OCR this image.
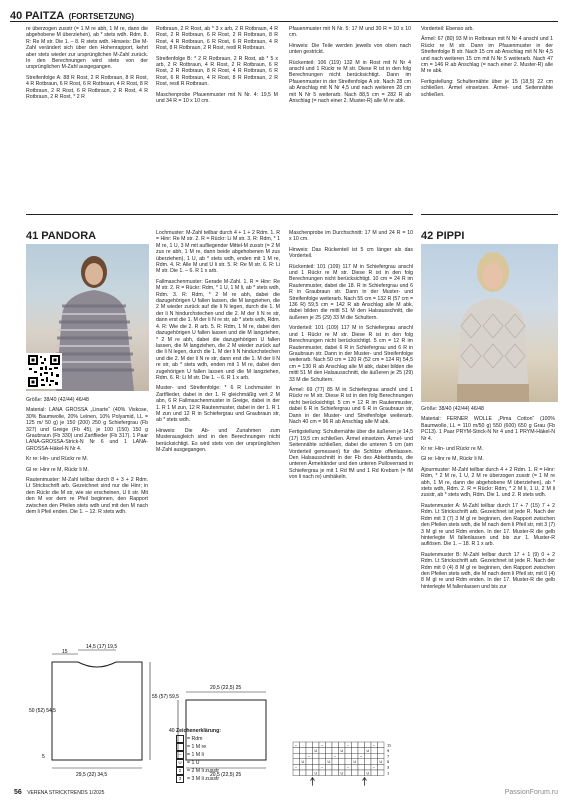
40 PAITZA (FORTSETZUNG)

re überzogen zusstr (= 1 M re abh, 1 M re, dann die abgehobene M überziehen), ab * stets wdh. Rdm. 8. R: Re M str. Die 1. – 8. R stets wdh. Hinweis: Die M-Zahl verändert sich über den Hohenrapport, kehrt aber stets wieder zur ursprünglichen M-Zahl zurück. In den Berechnungen wird stets von der ursprünglichen M-Zahl ausgegangen.

Streifenfolge A: 88 R Rost, 2 R Rotbraun, 8 R Rost, 4 R Rotbraun, 6 R Rost, 6 R Rotbraun, 4 R Rost, 8 R Rotbraun, 2 R Rost, 6 R Rotbraun, 2 R Rost, 4 R Rotbraun, 2 R Rost, * 2 R

Rotbraun, 2 R Rost, ab * 3 x arb, 2 R Rotbraun, 4 R Rost, 2 R Rotbraun, 6 R Rost, 2 R Rotbraun, 8 R Rost, 4 R Rotbraun, 6 R Rost, 6 R Rotbraun, 4 R Rost, 8 R Rotbraun, 2 R Rost, restl R Rotbraun.

Streifenfolge B: * 2 R Rotbraun, 2 R Rost, ab * 5 x arb, 2 R Rotbraun, 4 R Rost, 2 R Rotbraun, 6 R Rost, 2 R Rotbraun, 8 R Rost, 4 R Rotbraun, 6 R Rost, 6 R Rotbraun, 4 R Rost, 8 R Rotbraun, 2 R Rost, restl R Rotbraun.

Maschenprobe Pfauenmuster mit N Nr. 4: 19,5 M und 34 R = 10 x 10 cm.

Pfauenmuster mit N Nr. 5: 17 M und 30 R = 10 x 10 cm.

Hinweis: Die Teile werden jeweils von oben nach unten gestrickt.

Rückenteil: 106 (119) 132 M in Rost mit N Nr 4 anschl und 1 Rückr re M str. Diese R ist in den folg Berechnungen nicht berücksichtigt. Dann im Pfauenmuster in der Streifenfolge A str. Nach 28 cm ab Anschlag mit N Nr 4,5 und nach weiteren 28 cm mit N Nr 5 weiterarb. Nach 88,5 cm = 282 R ab Anschlag (= nach einer 2. Muster-R) alle M re abk.

Vorderteil: Ebenso arb.

Ärmel: 67 (80) 93 M in Rotbraun mit N Nr 4 anschl und 1 Rückr re M str. Dann im Pfauenmuster in der Streifenfolge B str. Nach 15 cm ab Anschlag mit N Nr 4,5 und nach weiteren 15 cm mit N Nr 5 weiterarb. Nach 47 cm = 146 R ab Anschlag (= nach einer 2. Muster-R) alle M re abk.

Fertigstellung: Schulternähte über je 15 (18,5) 22 cm schließen. Ärmel einsetzen. Ärmel- und Seitennähte schließen.

41 PANDORA	42 PIPPI

Größe: 38/40 (42/44) 46/48

Material: LANA GROSSA „Linarte“ (40% Viskose, 30% Baumwolle, 20% Leinen, 10% Polyamid, LL = 125 m/ 50 g) je 150 (200) 250 g Schiefergrau (Fb 327) und Greige (Fb 45), je 100 (150) 150 g Graubraun (Fb 330) und Zartflieder (Fb 317). 1 Paar LANA-GROSSA-Strick-N Nr 6 und 1 LANA-GROSSA-Häkel-N Nr 4.

Kr re: Hin- und Rückr re M.

Gl re: Hinr re M, Rückr li M.

Rautenmuster: M-Zahl teilbar durch 8 + 3 + 2 Rdm. Lt Strickschrift arb. Gezeichnet sind nur die Hinr; in den Rückr die M str, wie sie erscheinen, U li str. Mit den M vor dem re Pfeil beginnen, den Rapport zwischen den Pfeilen stets wdh und mit den M nach dem li Pfeil enden. Die 1. – 12. R stets wdh.

Lochmuster: M-Zahl teilbar durch 4 + 1 + 2 Rdm. 1. R = Hinr: Re M str. 2. R = Rückr: Li M str. 3. R: Rdm, * 1 M re, 1 U, 3 M mit aufliegender Mittel-M zusstr (= 2 M zus re abh, 1 M re, dann beide abgehobenen M zus überziehen), 1 U, ab * stets wdh, enden mit 1 M re, Rdm. 4. R: Alle M und U li str. 5. R: Re M str. 6. R: Li M str. Die 1. – 6. R 1 x arb.

Fallmaschenmuster: Gerade M-Zahl. 1. R = Hinr: Re M str. 2. R = Rückr: Rdm, * 1 U, 1 M li, ab * stets wdh, Rdm. 3. R: Rdm, * 2 M re abh, dabei die dazugehörigen U fallen lassen, die M langziehen, die 2 M wieder zurück auf die li N legen, durch die 1. M der li N hindurchstechen und die 2. M der li N re str, dann erst die 1. M der li N re str, ab * stets wdh, Rdm. 4. R: Wie die 2. R arb. 5. R: Rdm, 1 M re, dabei den dazugehörigen U fallen lassen und die M langziehen, * 2 M re abh, dabei die dazugehörigen U fallen lassen, die M langziehen, die 2 M wieder zurück auf die li N legen, durch die 1. M der li N hindurchstechen und die 2. M der li N re str, dann erst die 1. M der li N re str, ab * stets wdh, enden mit 1 M re, dabei den zugehörigen U fallen lassen und die M langziehen, Rdm. 6. R: Li M str. Die 1. – 6. R 1 x arb.

Muster- und Streifenfolge: * 6 R Lochmuster in Zartflieder, dabei in der 1. R gleichmäßig vert 2 M abn, 6 R Fallmaschenmuster in Greige, dabei in der 1. R 1 M zun, 12 R Rautenmuster, dabei in der 1. R 1 M zun und 12 R in Schiefergrau und Graubraun str, ab * stets wdh.

Hinweis: Die Ab- und Zunahmen zum Musterausgleich sind in den Berechnungen nicht berücksichtigt. Es wird stets von der ursprünglichen M-Zahl ausgegangen.

Maschenprobe im Durchschnitt: 17 M und 24 R = 10 x 10 cm.

Hinweis: Das Rückenteil ist 5 cm länger als das Vorderteil.

Rückenteil: 101 (109) 117 M in Schiefergrau anschl und 1 Rückr re M str. Diese R ist in den folg Berechnungen nicht berücksichtigt. 10 cm = 24 R im Rautenmuster, dabei die 18. R in Schiefergrau und 6 R in Graubraun str. Dann in der Muster- und Streifenfolge weiterarb. Nach 55 cm = 132 R (57 cm = 136 R) 59,5 cm = 142 R ab Anschlag alle M abk, dabei bilden die mittl 51 M den Halsausschnitt, die äußeren je 25 (29) 33 M die Schultern.

Vorderteil: 101 (109) 117 M in Schiefergrau anschl und 1 Rückr re M str. Diese R ist in den folg Berechnungen nicht berücksichtigt. 5 cm = 12 R im Rautenmuster, dabei 6 R in Schiefergrau und 6 R in Graubraun str. Dann in der Muster- und Streifenfolge weiterarb. Nach 50 cm = 120 R (52 cm = 124 R) 54,5 cm = 130 R ab Anschlag alle M abk, dabei bilden die mittl 51 M den Halsausschnitt, die äußeren je 25 (29) 33 M die Schultern.

Ärmel: 69 (77) 85 M in Schiefergrau anschl und 1 Rückr re M str. Diese R ist in den folg Berechnungen nicht berücksichtigt. 5 cm = 12 R im Rautenmuster, dabei 6 R in Schiefergrau und 6 R in Graubraun str, Dann in der Muster- und Streifenfolge weiterarb. Nach 40 cm = 96 R ab Anschlag alle M abk.

Fertigstellung: Schulternähte über die äußeren je 14,5 (17) 19,5 cm schließen. Ärmel einsetzen. Ärmel- und Seitennähte schließen, dabei die unteren 5 cm (am Vorderteil gemessen) für die Schlitze offenlassen. Den Halsausschnitt in der Fb des Abkettrands, die unteren Ärmelränder und den unteren Pulloverrand in Schiefergrau je mit 1 Rd fM und 1 Rd Krebsm (= fM von li nach re) umhäkeln.

14,5 (17) 19,5
15
50 (52) 54,5
55 (57) 59,5
5
29,5 (32) 34,5
20,5 (22,5) 25
40
20,5 (22,5) 25
Zeichenerklärung:
= Rdm
= 1 M re
–	= 1 M li
U	= 1 U
2	= 2 M li zusstr
3	= 3 M li zusstr
–	–	–	–
U	U	U
–	–	–
U	U	U	U
–	–	–	–
U	U	U
11
9
7
5
3
1

Größe: 38/40 (42/44) 46/48

Material: FERNER WOLLE „Pima Cotton“ (100% Baumwolle, LL = 110 m/50 g) 550 (600) 650 g Grau (Fb PC13). 1 Paar PRYM-Strick-N Nr 4 und 1 PRYM-Häkel-N Nr 4.

Kr re: Hin- und Rückr re M.

Gl re: Hinr re M, Rückr li M.

Ajourmuster: M-Zahl teilbar durch 4 + 2 Rdm. 1. R = Hinr: Rdm, * 2 M re, 1 U, 2 M re überzogen zusstr (= 1 M re abh, 1 M re, dann die abgehobene M überziehen), ab * stets wdh, Rdm. 2. R = Rückr: Rdm, * 2 M li, 1 U, 2 M li zusstr, ab * stets wdh, Rdm. Die 1. und 2. R stets wdh.

Rautenmuster A: M-Zahl teilbar durch 17 + 7 (15) 7 + 2 Rdm. Lt Strickschrift arb. Gezeichnet ist jede R. Nach der Rdm mit 3 (7) 3 M gl re beginnen, den Rapport zwischen den Pfeilen stets wdh, die M nach dem li Pfeil str, mit 3 (7) 3 M gl re und Rdm enden. In der 17. Muster-R die gelb hinterlegte M fallenlassen und bis zur 1. Muster-R auflösen. Die 1. – 18. R 1 x arb.

Rautenmuster B: M-Zahl teilbar durch 17 + 1 (9) 0 + 2 Rdm. Lt Strickschrift arb. Gezeichnet ist jede R. Nach der Rdm mit 0 (4) 8 M gl re beginnen, den Rapport zwischen den Pfeilen stets wdh, die M nach dem li Pfeil str, mit 0 (4) 8 M gl re und Rdm enden. In der 17. Muster-R die gelb hinterlegte M fallenlassen und bis zur

56 VERENA STRICKTRENDS 1/2025	PassionForum.ru
